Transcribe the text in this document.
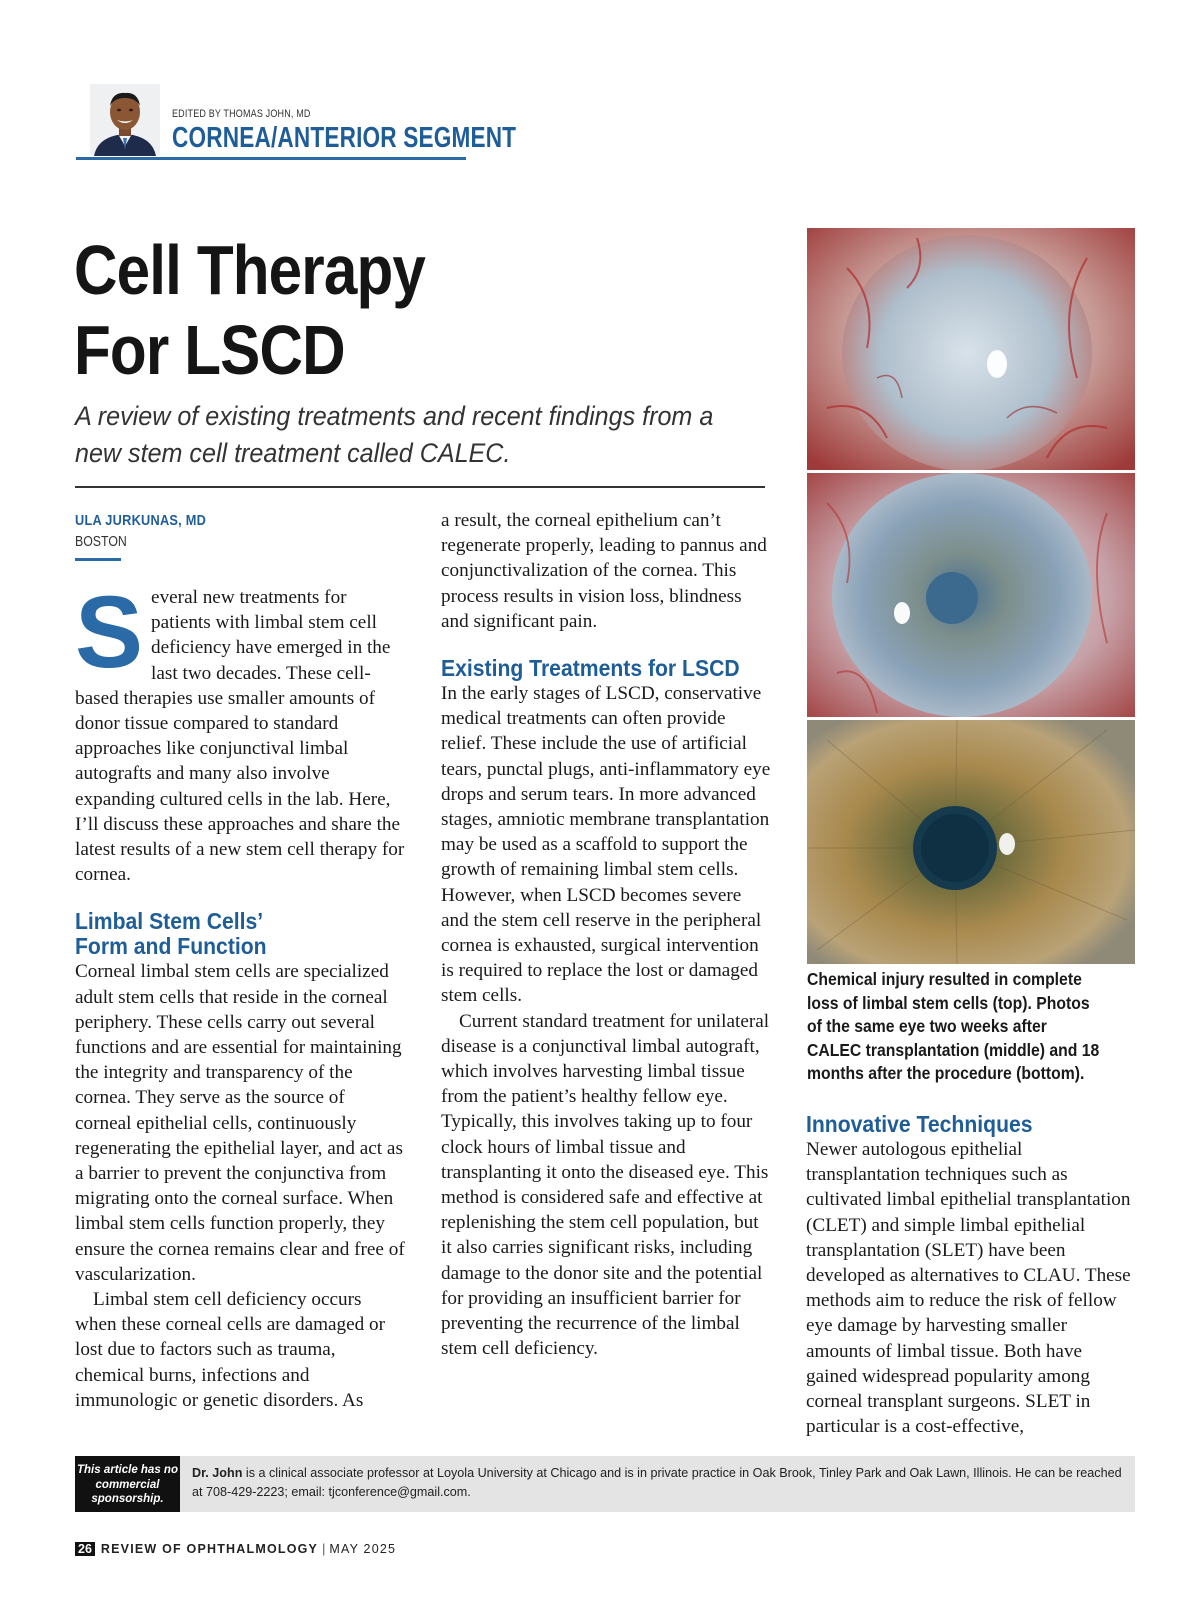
EDITED BY THOMAS JOHN, MD
CORNEA/ANTERIOR SEGMENT
Cell Therapy
For LSCD
A review of existing treatments and recent findings from a new stem cell treatment called CALEC.
ULA JURKUNAS, MD
BOSTON

Several new treatments for patients with limbal stem cell deficiency have emerged in the last two decades. These cell-based therapies use smaller amounts of donor tissue compared to standard approaches like conjunctival limbal autografts and many also involve expanding cultured cells in the lab. Here, I’ll discuss these approaches and share the latest results of a new stem cell therapy for cornea.

Limbal Stem Cells’
Form and Function

Corneal limbal stem cells are specialized adult stem cells that reside in the corneal periphery. These cells carry out several functions and are essential for maintaining the integrity and transparency of the cornea. They serve as the source of corneal epithelial cells, continuously regenerating the epithelial layer, and act as a barrier to prevent the conjunctiva from migrating onto the corneal surface. When limbal stem cells function properly, they ensure the cornea remains clear and free of vascularization.

Limbal stem cell deficiency occurs when these corneal cells are damaged or lost due to factors such as trauma, chemical burns, infections and immunologic or genetic disorders. As

a result, the corneal epithelium can’t regenerate properly, leading to pannus and conjunctivalization of the cornea. This process results in vision loss, blindness and significant pain.

Existing Treatments for LSCD

In the early stages of LSCD, conservative medical treatments can often provide relief. These include the use of artificial tears, punctal plugs, anti-inflammatory eye drops and serum tears. In more advanced stages, amniotic membrane transplantation may be used as a scaffold to support the growth of remaining limbal stem cells. However, when LSCD becomes severe and the stem cell reserve in the peripheral cornea is exhausted, surgical intervention is required to replace the lost or damaged stem cells.

Current standard treatment for unilateral disease is a conjunctival limbal autograft, which involves harvesting limbal tissue from the patient’s healthy fellow eye. Typically, this involves taking up to four clock hours of limbal tissue and transplanting it onto the diseased eye. This method is considered safe and effective at replenishing the stem cell population, but it also carries significant risks, including damage to the donor site and the potential for providing an insufficient barrier for preventing the recurrence of the limbal stem cell deficiency.

Chemical injury resulted in complete loss of limbal stem cells (top). Photos of the same eye two weeks after CALEC transplantation (middle) and 18 months after the procedure (bottom).
Innovative Techniques

Newer autologous epithelial transplantation techniques such as cultivated limbal epithelial transplantation (CLET) and simple limbal epithelial transplantation (SLET) have been developed as alternatives to CLAU. These methods aim to reduce the risk of fellow eye damage by harvesting smaller amounts of limbal tissue. Both have gained widespread popularity among corneal transplant surgeons. SLET in particular is a cost-effective,

This article has no commercial sponsorship.
Dr. John is a clinical associate professor at Loyola University at Chicago and is in private practice in Oak Brook, Tinley Park and Oak Lawn, Illinois. He can be reached at 708-429-2223; email: tjconference@gmail.com.
26 REVIEW OF OPHTHALMOLOGY | MAY 2025
